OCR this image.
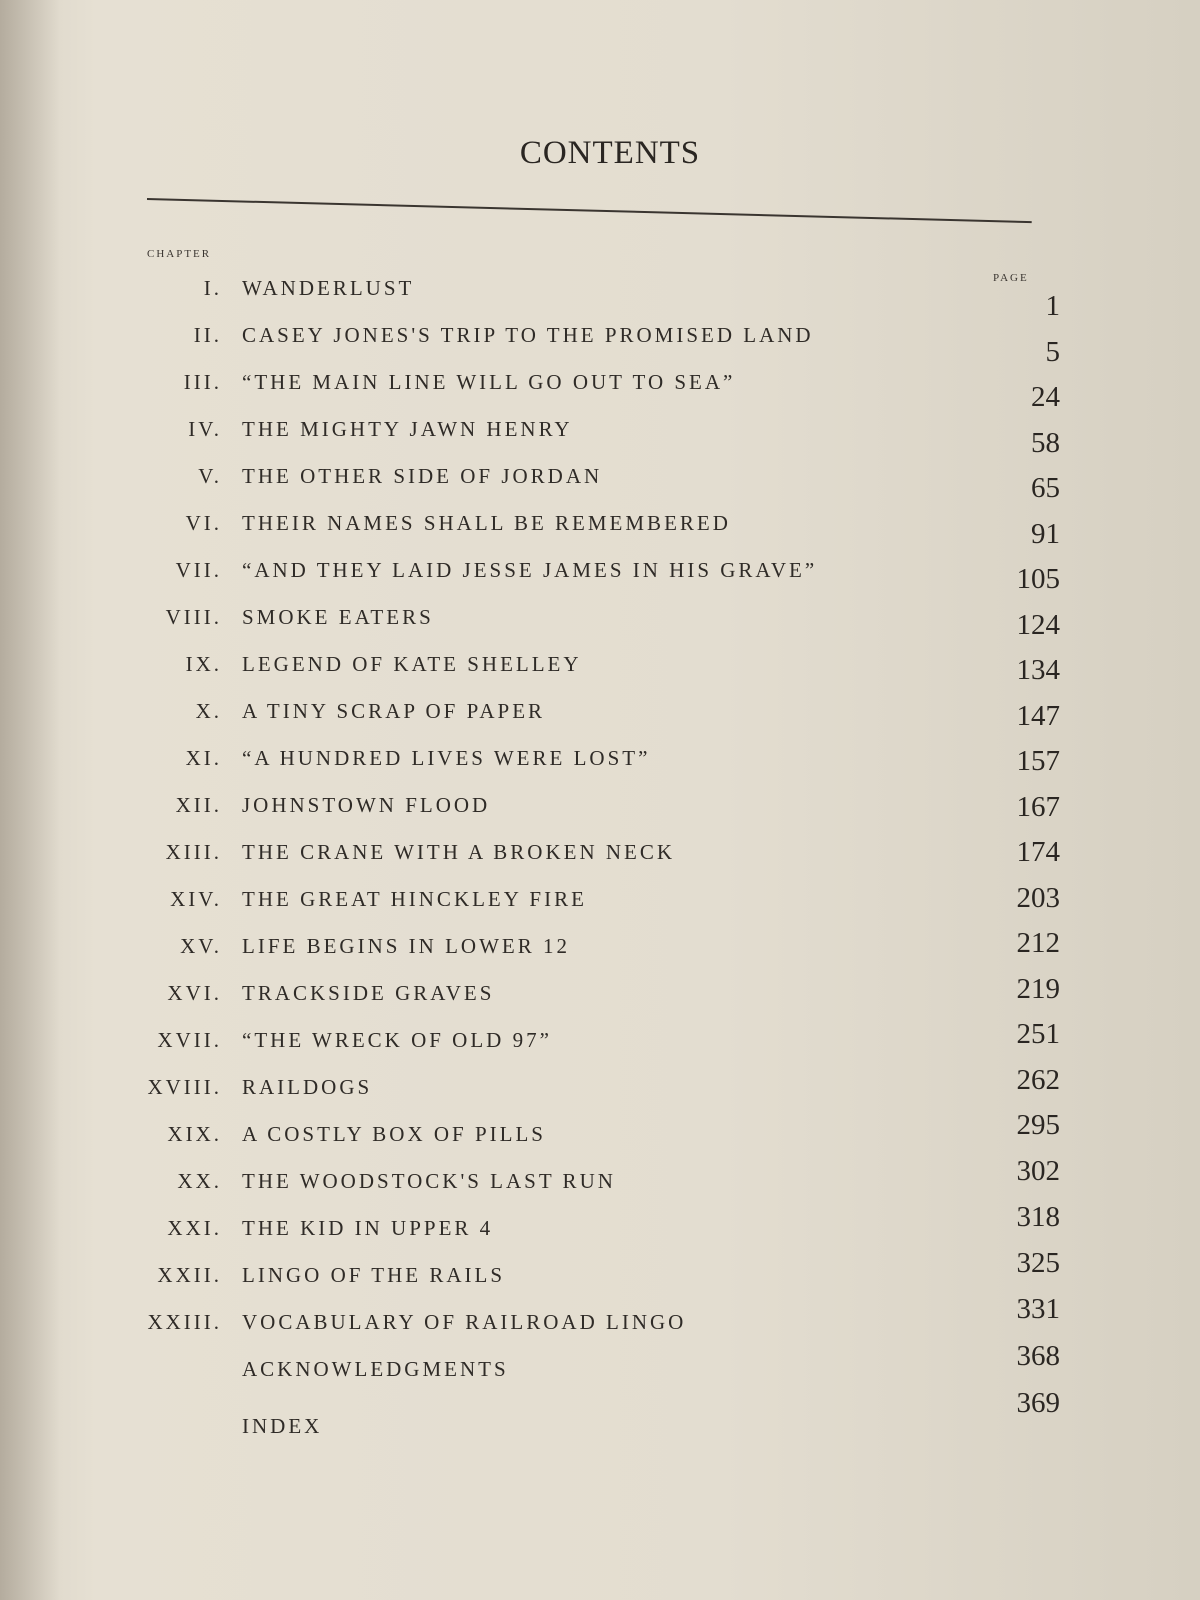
CONTENTS
CHAPTER
PAGE
I. WANDERLUST
II. CASEY JONES'S TRIP TO THE PROMISED LAND
III. “THE MAIN LINE WILL GO OUT TO SEA”
IV. THE MIGHTY JAWN HENRY
V. THE OTHER SIDE OF JORDAN
VI. THEIR NAMES SHALL BE REMEMBERED
VII. “AND THEY LAID JESSE JAMES IN HIS GRAVE”
VIII. SMOKE EATERS
IX. LEGEND OF KATE SHELLEY
X. A TINY SCRAP OF PAPER
XI. “A HUNDRED LIVES WERE LOST”
XII. JOHNSTOWN FLOOD
XIII. THE CRANE WITH A BROKEN NECK
XIV. THE GREAT HINCKLEY FIRE
XV. LIFE BEGINS IN LOWER 12
XVI. TRACKSIDE GRAVES
XVII. “THE WRECK OF OLD 97”
XVIII. RAILDOGS
XIX. A COSTLY BOX OF PILLS
XX. THE WOODSTOCK'S LAST RUN
XXI. THE KID IN UPPER 4
XXII. LINGO OF THE RAILS
XXIII. VOCABULARY OF RAILROAD LINGO
ACKNOWLEDGMENTS
INDEX
1
5
24
58
65
91
105
124
134
147
157
167
174
203
212
219
251
262
295
302
318
325
331
368
369
